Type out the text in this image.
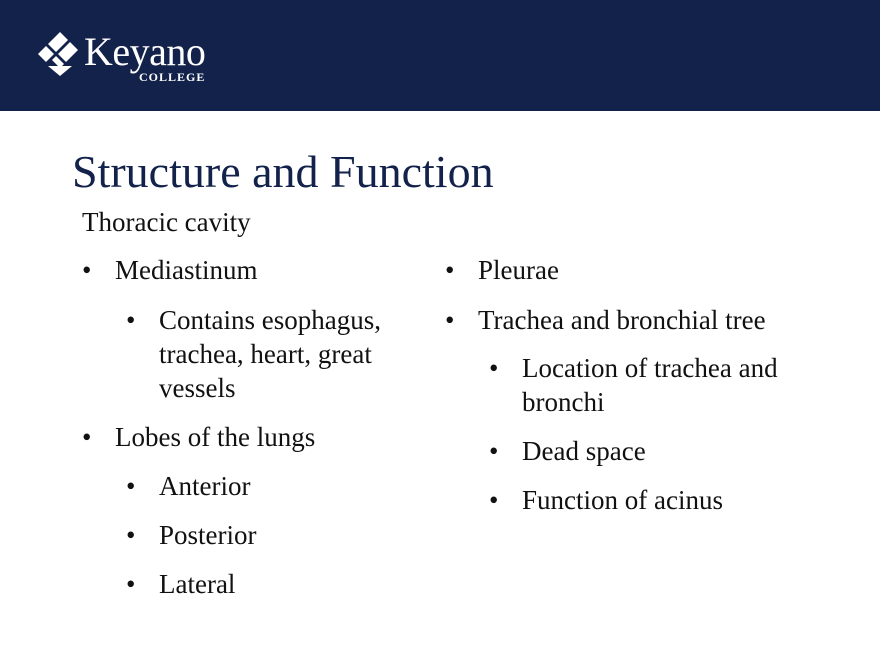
Keyano
COLLEGE
Structure and Function
Thoracic cavity
• Mediastinum
• Contains esophagus, trachea, heart, great vessels
• Lobes of the lungs
• Anterior
• Posterior
• Lateral
• Pleurae
• Trachea and bronchial tree
• Location of trachea and bronchi
• Dead space
• Function of acinus
